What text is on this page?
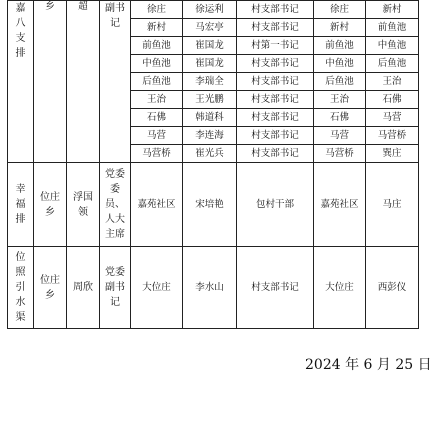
嘉八支排	乡	超	副书记	徐庄	徐运利	村支部书记	徐庄	新村
				新村	马宏亭	村支部书记	新村	前鱼池
				前鱼池	崔国龙	村第一书记	前鱼池	中鱼池
				中鱼池	崔国龙	村支部书记	中鱼池	后鱼池
				后鱼池	李瑞全	村支部书记	后鱼池	王治
				王治	王光鹏	村支部书记	王治	石佛
				石佛	韩道科	村支部书记	石佛	马营
				马营	李连海	村支部书记	马营	马营桥
				马营桥	崔光兵	村支部书记	马营桥	巽庄
幸福排	位庄乡	浮国领	党委委员、人大主席	嘉苑社区	宋培艳	包村干部	嘉苑社区	马庄
位照引水渠	位庄乡	周欣	党委副书记	大位庄	李水山	村支部书记	大位庄	西彭仪
2024 年 6 月 25 日
